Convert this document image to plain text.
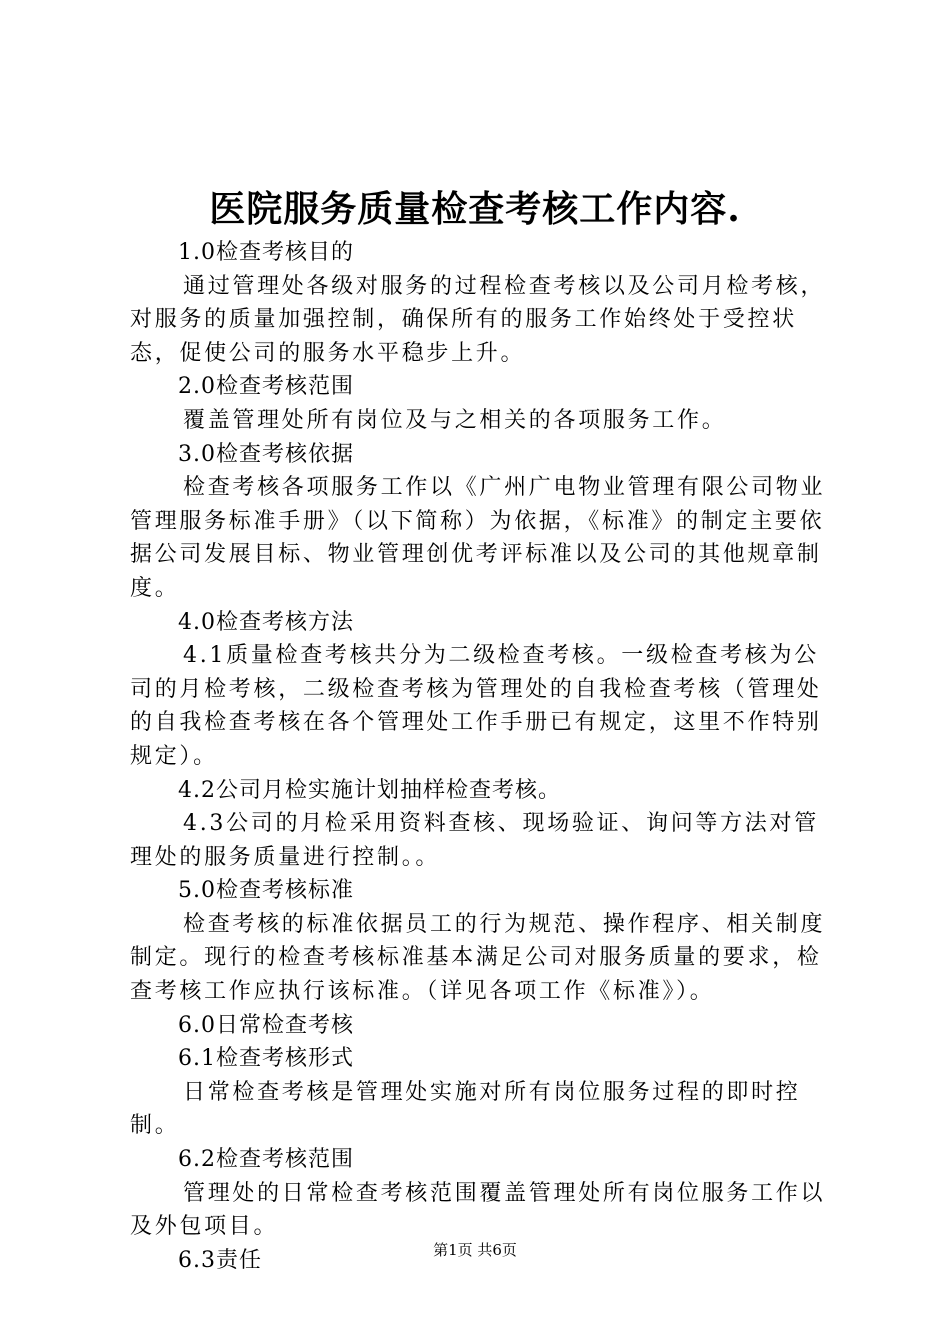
医院服务质量检查考核工作内容.

1.0检查考核目的

通过管理处各级对服务的过程检查考核以及公司月检考核，对服务的质量加强控制，确保所有的服务工作始终处于受控状态，促使公司的服务水平稳步上升。

2.0检查考核范围

覆盖管理处所有岗位及与之相关的各项服务工作。

3.0检查考核依据

检查考核各项服务工作以《广州广电物业管理有限公司物业管理服务标准手册》（以下简称）为依据，《标准》的制定主要依据公司发展目标、物业管理创优考评标准以及公司的其他规章制度。

4.0检查考核方法

4.1质量检查考核共分为二级检查考核。一级检查考核为公司的月检考核，二级检查考核为管理处的自我检查考核（管理处的自我检查考核在各个管理处工作手册已有规定，这里不作特别规定）。

4.2公司月检实施计划抽样检查考核。

4.3公司的月检采用资料查核、现场验证、询问等方法对管理处的服务质量进行控制。。

5.0检查考核标准

检查考核的标准依据员工的行为规范、操作程序、相关制度制定。现行的检查考核标准基本满足公司对服务质量的要求，检查考核工作应执行该标准。（详见各项工作《标准》）。

6.0日常检查考核

6.1检查考核形式

日常检查考核是管理处实施对所有岗位服务过程的即时控制。

6.2检查考核范围

管理处的日常检查考核范围覆盖管理处所有岗位服务工作以及外包项目。

6.3责任	第1页 共6页
